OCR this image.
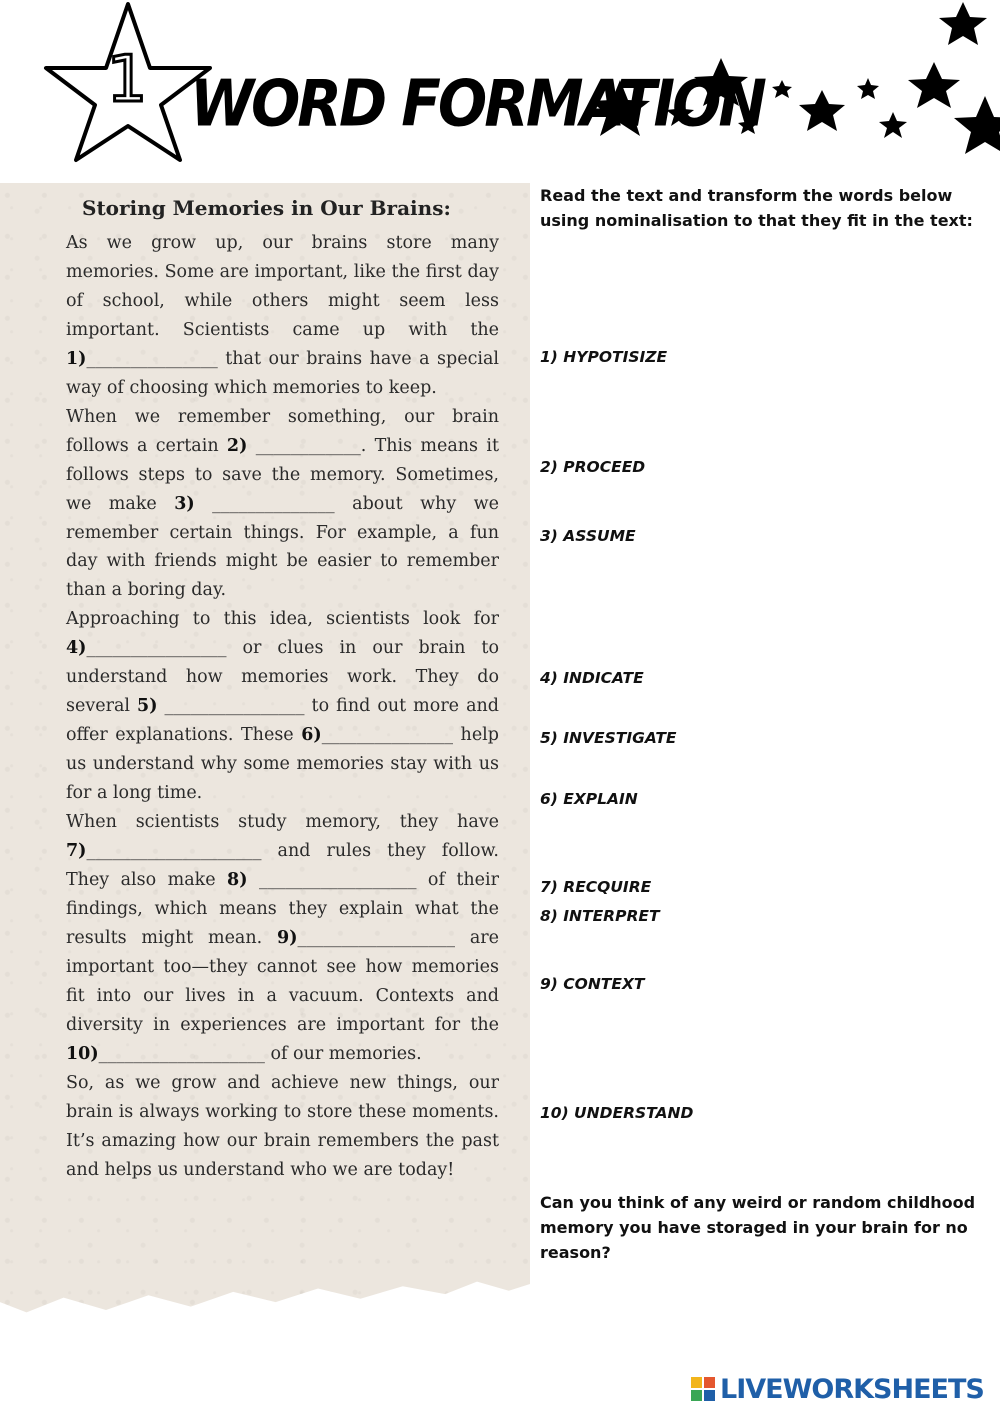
1 WORD FORMATION
Storing Memories in Our Brains:

As we grow up, our brains store many memories. Some are important, like the first day of school, while others might seem less important. Scientists came up with the 1)_______________ that our brains have a special way of choosing which memories to keep.

When we remember something, our brain follows a certain 2) ____________. This means it follows steps to save the memory. Sometimes, we make 3) ______________ about why we remember certain things. For example, a fun day with friends might be easier to remember than a boring day.

Approaching to this idea, scientists look for 4)________________ or clues in our brain to understand how memories work. They do several 5) ________________ to find out more and offer explanations. These 6)_______________ help us understand why some memories stay with us for a long time.

When scientists study memory, they have 7)____________________ and rules they follow. They also make 8) __________________ of their findings, which means they explain what the results might mean. 9)__________________ are important too—they cannot see how memories fit into our lives in a vacuum. Contexts and diversity in experiences are important for the 10)___________________ of our memories.

So, as we grow and achieve new things, our brain is always working to store these moments. It’s amazing how our brain remembers the past and helps us understand who we are today!

Read the text and transform the words below using nominalisation to that they fit in the text:

1) HYPOTISIZE
2) PROCEED
3) ASSUME
4) INDICATE
5) INVESTIGATE
6) EXPLAIN
7) RECQUIRE
8) INTERPRET
9) CONTEXT
10) UNDERSTAND

Can you think of any weird or random childhood memory you have storaged in your brain for no reason?

LIVEWORKSHEETS
